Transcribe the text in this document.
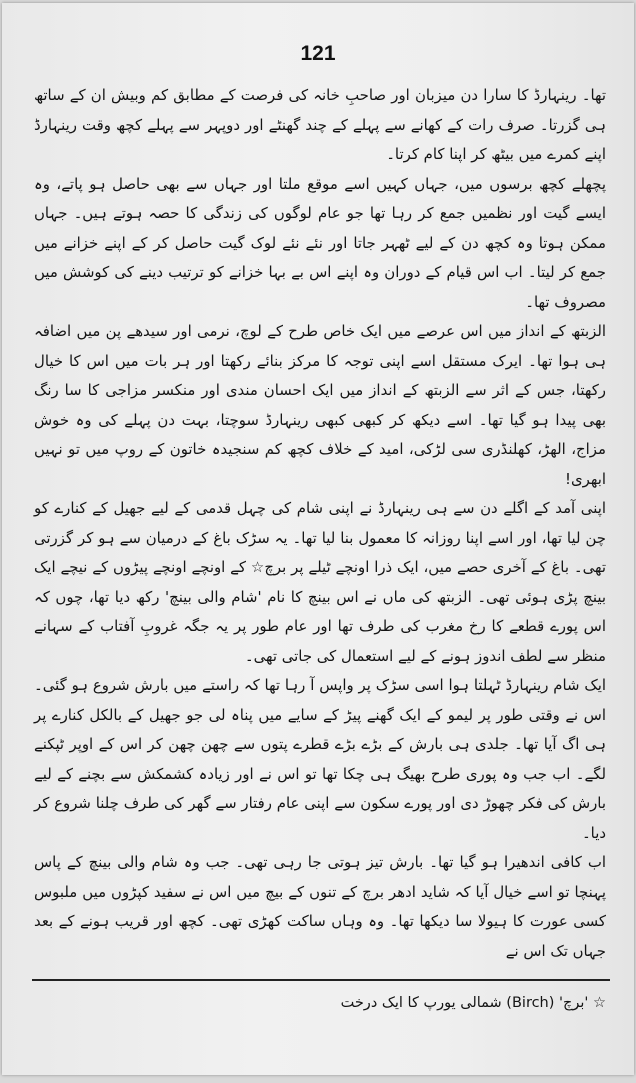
121

تھا۔ رینہارڈ کا سارا دن میزبان اور صاحبِ خانہ کی فرصت کے مطابق کم وبیش ان کے ساتھ ہی گزرتا۔ صرف رات کے کھانے سے پہلے کے چند گھنٹے اور دوپہر سے پہلے کچھ وقت رینہارڈ اپنے کمرے میں بیٹھ کر اپنا کام کرتا۔

پچھلے کچھ برسوں میں، جہاں کہیں اسے موقع ملتا اور جہاں سے بھی حاصل ہو پاتے، وہ ایسے گیت اور نظمیں جمع کر رہا تھا جو عام لوگوں کی زندگی کا حصہ ہوتے ہیں۔ جہاں ممکن ہوتا وہ کچھ دن کے لیے ٹھہر جاتا اور نئے نئے لوک گیت حاصل کر کے اپنے خزانے میں جمع کر لیتا۔ اب اس قیام کے دوران وہ اپنے اس بے بہا خزانے کو ترتیب دینے کی کوشش میں مصروف تھا۔

الزبتھ کے انداز میں اس عرصے میں ایک خاص طرح کے لوچ، نرمی اور سیدھے پن میں اضافہ ہی ہوا تھا۔ ایرک مستقل اسے اپنی توجہ کا مرکز بنائے رکھتا اور ہر بات میں اس کا خیال رکھتا، جس کے اثر سے الزبتھ کے انداز میں ایک احسان مندی اور منکسر مزاجی کا سا رنگ بھی پیدا ہو گیا تھا۔ اسے دیکھ کر کبھی کبھی رینہارڈ سوچتا، بہت دن پہلے کی وہ خوش مزاج، الھڑ، کھلنڈری سی لڑکی، امید کے خلاف کچھ کم سنجیدہ خاتون کے روپ میں تو نہیں ابھری!

اپنی آمد کے اگلے دن سے ہی رینہارڈ نے اپنی شام کی چہل قدمی کے لیے جھیل کے کنارے کو چن لیا تھا، اور اسے اپنا روزانہ کا معمول بنا لیا تھا۔ یہ سڑک باغ کے درمیان سے ہو کر گزرتی تھی۔ باغ کے آخری حصے میں، ایک ذرا اونچے ٹیلے پر برچ☆ کے اونچے اونچے پیڑوں کے نیچے ایک بینچ پڑی ہوئی تھی۔ الزبتھ کی ماں نے اس بینچ کا نام 'شام والی بینچ' رکھ دیا تھا، چوں کہ اس پورے قطعے کا رخ مغرب کی طرف تھا اور عام طور پر یہ جگہ غروبِ آفتاب کے سہانے منظر سے لطف اندوز ہونے کے لیے استعمال کی جاتی تھی۔

ایک شام رینہارڈ ٹہلتا ہوا اسی سڑک پر واپس آ رہا تھا کہ راستے میں بارش شروع ہو گئی۔ اس نے وقتی طور پر لیمو کے ایک گھنے پیڑ کے سایے میں پناہ لی جو جھیل کے بالکل کنارے پر ہی اگ آیا تھا۔ جلدی ہی بارش کے بڑے بڑے قطرے پتوں سے چھن چھن کر اس کے اوپر ٹپکنے لگے۔ اب جب وہ پوری طرح بھیگ ہی چکا تھا تو اس نے اور زیادہ کشمکش سے بچنے کے لیے بارش کی فکر چھوڑ دی اور پورے سکون سے اپنی عام رفتار سے گھر کی طرف چلنا شروع کر دیا۔

اب کافی اندھیرا ہو گیا تھا۔ بارش تیز ہوتی جا رہی تھی۔ جب وہ شام والی بینچ کے پاس پہنچا تو اسے خیال آیا کہ شاید ادھر برچ کے تنوں کے بیچ میں اس نے سفید کپڑوں میں ملبوس کسی عورت کا ہیولا سا دیکھا تھا۔ وہ وہاں ساکت کھڑی تھی۔ کچھ اور قریب ہونے کے بعد جہاں تک اس نے

☆ 'برچ' (Birch) شمالی یورپ کا ایک درخت
